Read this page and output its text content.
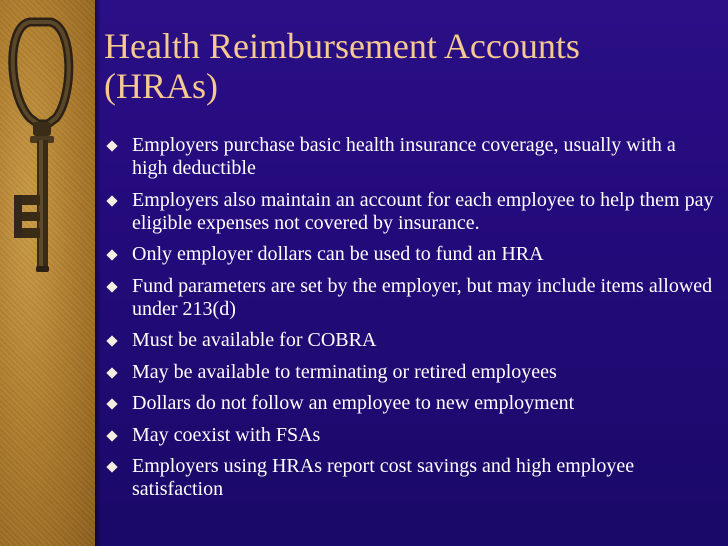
Health Reimbursement Accounts
(HRAs)
Employers purchase basic health insurance coverage, usually with a high deductible
Employers also maintain an account for each employee to help them pay eligible expenses not covered by insurance.
Only employer dollars can be used to fund an HRA
Fund parameters are set by the employer, but may include items allowed under 213(d)
Must be available for COBRA
May be available to terminating or retired employees
Dollars do not follow an employee to new employment
May coexist with FSAs
Employers using HRAs report cost savings and high employee satisfaction
